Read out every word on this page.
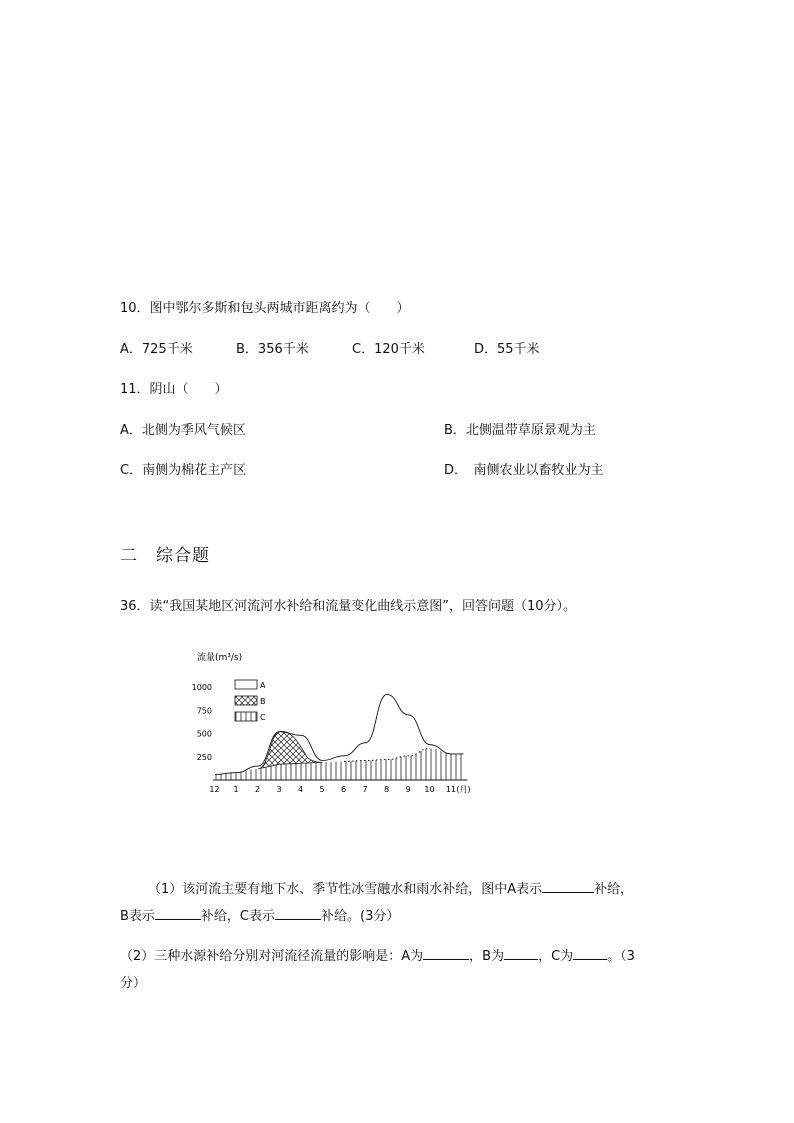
10．图中鄂尔多斯和包头两城市距离约为（　　）
A．725千米	B．356千米	C．120千米	D．55千米
11．阴山（　　）
A．北侧为季风气候区	B．北侧温带草原景观为主
C．南侧为棉花主产区	D．　南侧农业以畜牧业为主
二　综合题
36．读“我国某地区河流河水补给和流量变化曲线示意图”，回答问题（10分）。
流量(m³/s)
250
500
750
1000
12 1 2 3 4 5 6 7 8 9 10 11 (月)
A
B
C
（1）该河流主要有地下水、季节性冰雪融水和雨水补给，图中A表示	补给，
B表示	补给，C表示	补给。(3分）
（2）三种水源补给分别对河流径流量的影响是：A为	，B为	，C为	。（3
分）
